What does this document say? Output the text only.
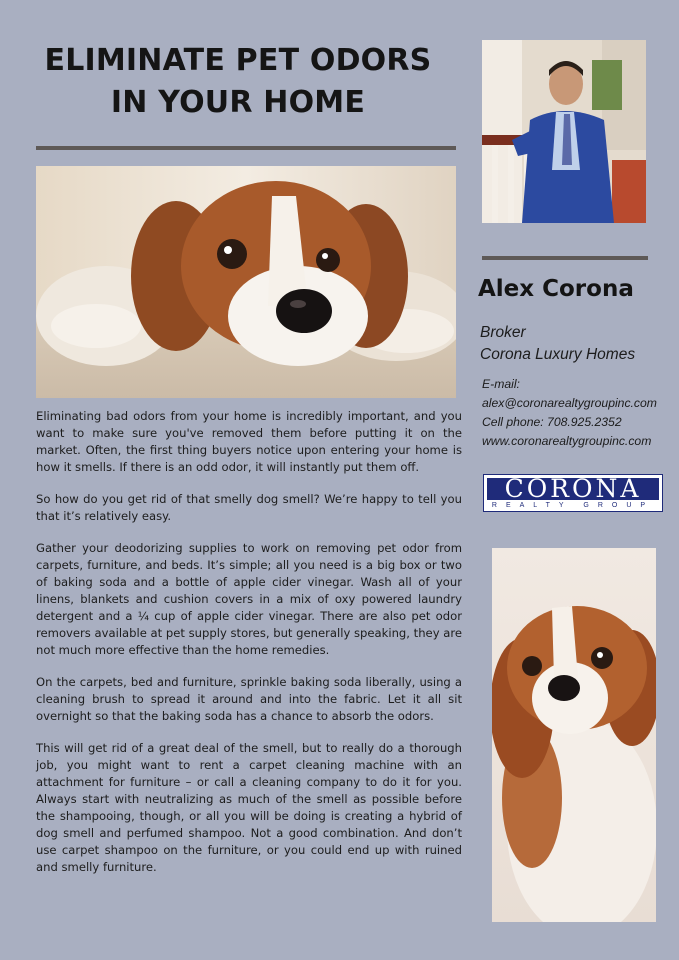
ELIMINATE PET ODORS IN YOUR HOME
Alex Corona
Broker
Corona Luxury Homes
E-mail:
alex@coronarealtygroupinc.com
Cell phone: 708.925.2352
www.coronarealtygroupinc.com
CORONA
REALTY GROUP

Eliminating bad odors from your home is incredibly important, and you want to make sure you've removed them before putting it on the market. Often, the first thing buyers notice upon entering your home is how it smells. If there is an odd odor, it will instantly put them off.

So how do you get rid of that smelly dog smell? We’re happy to tell you that it’s relatively easy.

Gather your deodorizing supplies to work on removing pet odor from carpets, furniture, and beds. It’s simple; all you need is a big box or two of baking soda and a bottle of apple cider vinegar. Wash all of your linens, blankets and cushion covers in a mix of oxy powered laundry detergent and a ¼ cup of apple cider vinegar. There are also pet odor removers available at pet supply stores, but generally speaking, they are not much more effective than the home remedies.

On the carpets, bed and furniture, sprinkle baking soda liberally, using a cleaning brush to spread it around and into the fabric. Let it all sit overnight so that the baking soda has a chance to absorb the odors.

This will get rid of a great deal of the smell, but to really do a thorough job, you might want to rent a carpet cleaning machine with an attachment for furniture – or call a cleaning company to do it for you. Always start with neutralizing as much of the smell as possible before the shampooing, though, or all you will be doing is creating a hybrid of dog smell and perfumed shampoo. Not a good combination. And don’t use carpet shampoo on the furniture, or you could end up with ruined and smelly furniture.
